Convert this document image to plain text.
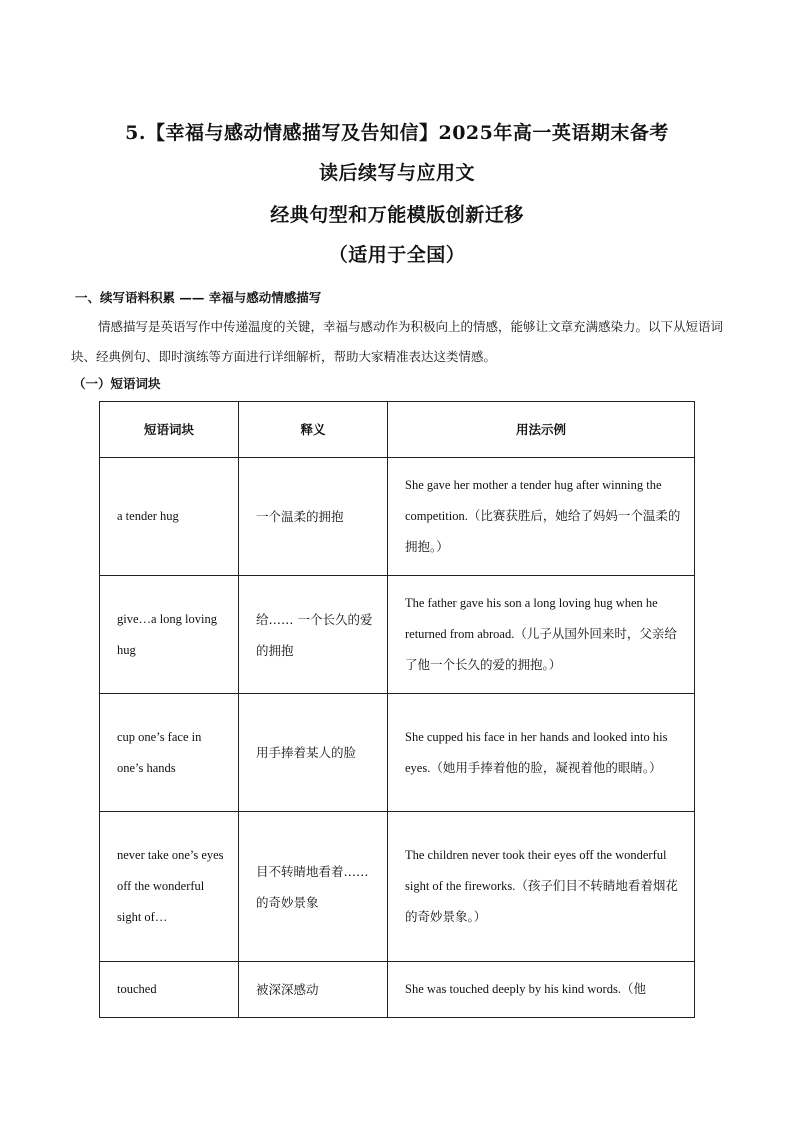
5.【幸福与感动情感描写及告知信】2025年高一英语期末备考
读后续写与应用文
经典句型和万能模版创新迁移
（适用于全国）
一、续写语料积累 —— 幸福与感动情感描写
情感描写是英语写作中传递温度的关键，幸福与感动作为积极向上的情感，能够让文章充满感染力。以下从短语词块、经典例句、即时演练等方面进行详细解析，帮助大家精准表达这类情感。
（一）短语词块
短语词块	释义	用法示例
a tender hug	一个温柔的拥抱	She gave her mother a tender hug after winning the competition.（比赛获胜后，她给了妈妈一个温柔的拥抱。）
give…a long loving hug	给…… 一个长久的爱的拥抱	The father gave his son a long loving hug when he returned from abroad.（儿子从国外回来时，父亲给了他一个长久的爱的拥抱。）
cup one’s face in one’s hands	用手捧着某人的脸	She cupped his face in her hands and looked into his eyes.（她用手捧着他的脸，凝视着他的眼睛。）
never take one’s eyes off the wonderful sight of…	目不转睛地看着…… 的奇妙景象	The children never took their eyes off the wonderful sight of the fireworks.（孩子们目不转睛地看着烟花的奇妙景象。）
touched	被深深感动	She was touched deeply by his kind words.（他
